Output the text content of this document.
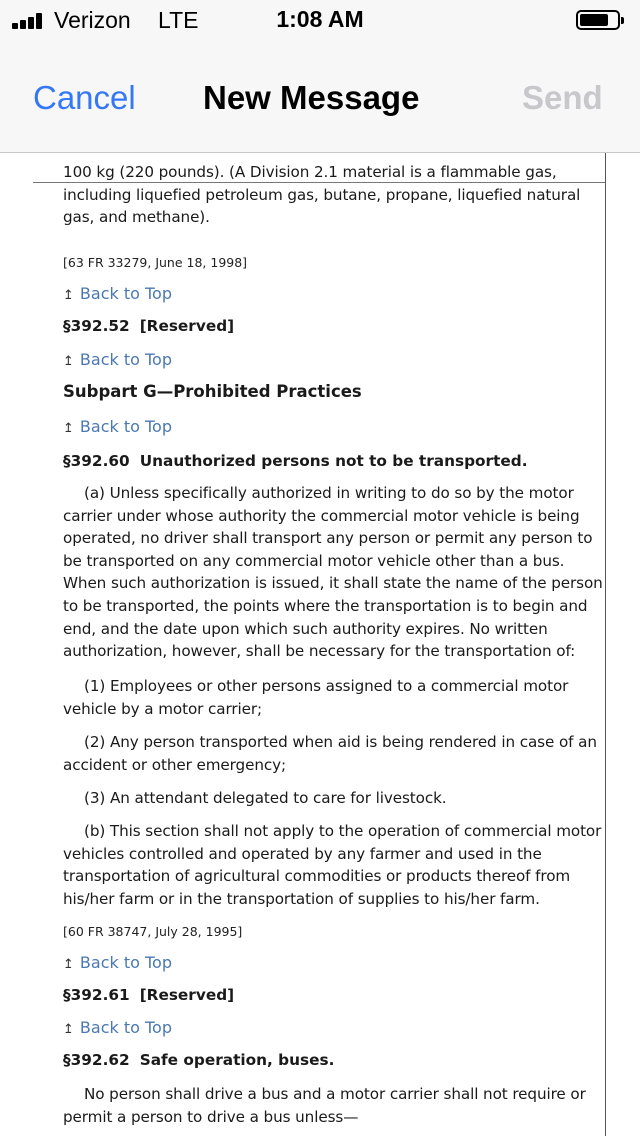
Verizon LTE	1:08 AM
Cancel New Message	Send
100 kg (220 pounds). (A Division 2.1 material is a flammable gas,
including liquefied petroleum gas, butane, propane, liquefied natural
gas, and methane).
[63 FR 33279, June 18, 1998]
↥ Back to Top
§392.52 [Reserved]
↥ Back to Top
Subpart G—Prohibited Practices
↥ Back to Top
§392.60 Unauthorized persons not to be transported.
(a) Unless specifically authorized in writing to do so by the motor
carrier under whose authority the commercial motor vehicle is being
operated, no driver shall transport any person or permit any person to
be transported on any commercial motor vehicle other than a bus.
When such authorization is issued, it shall state the name of the person
to be transported, the points where the transportation is to begin and
end, and the date upon which such authority expires. No written
authorization, however, shall be necessary for the transportation of:
(1) Employees or other persons assigned to a commercial motor
vehicle by a motor carrier;
(2) Any person transported when aid is being rendered in case of an
accident or other emergency;
(3) An attendant delegated to care for livestock.
(b) This section shall not apply to the operation of commercial motor
vehicles controlled and operated by any farmer and used in the
transportation of agricultural commodities or products thereof from
his/her farm or in the transportation of supplies to his/her farm.
[60 FR 38747, July 28, 1995]
↥ Back to Top
§392.61 [Reserved]
↥ Back to Top
§392.62 Safe operation, buses.
No person shall drive a bus and a motor carrier shall not require or
permit a person to drive a bus unless—
